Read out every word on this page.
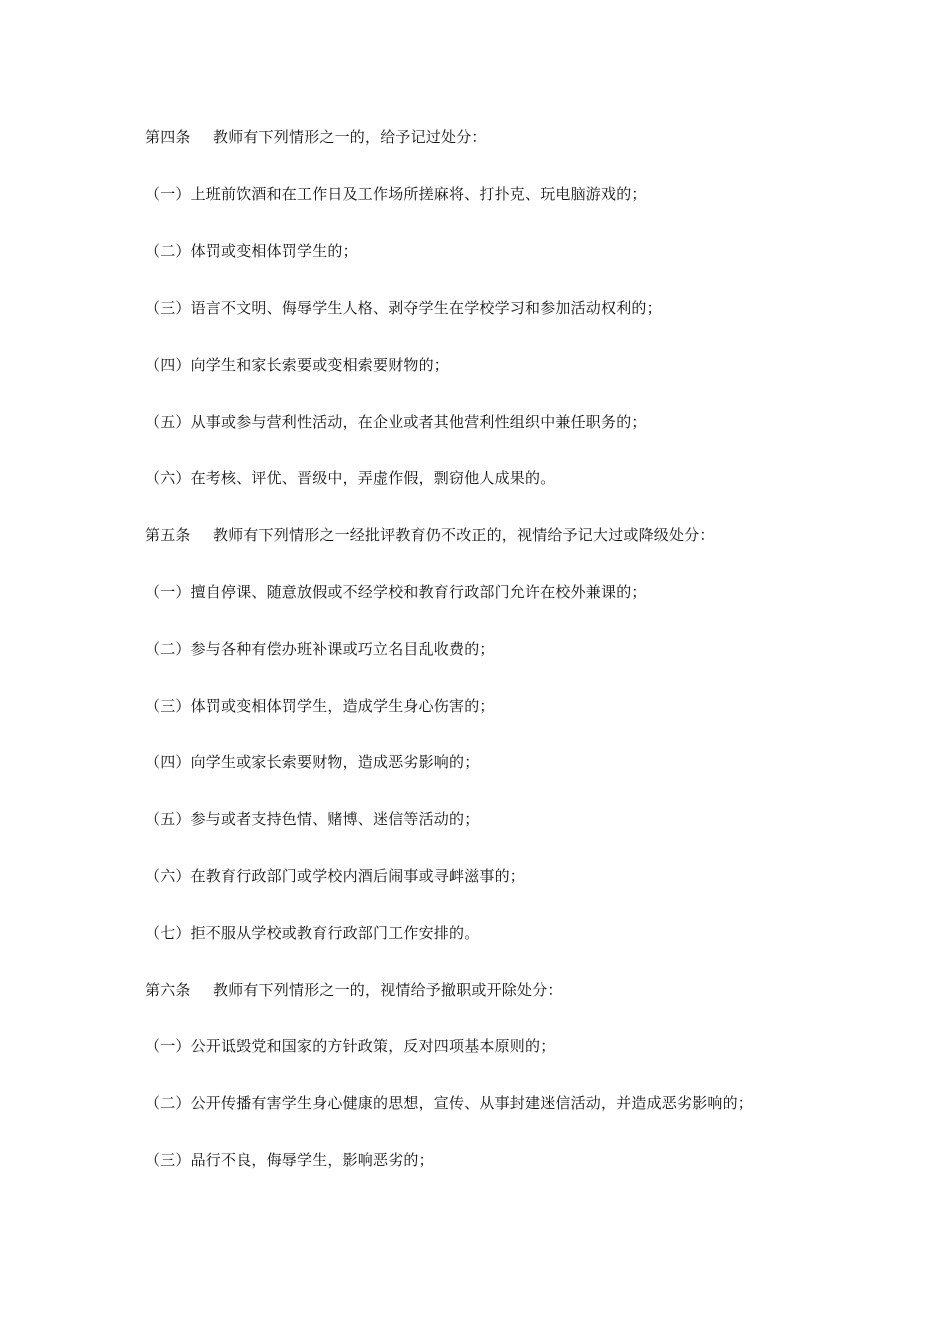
第四条 教师有下列情形之一的，给予记过处分：
（一）上班前饮酒和在工作日及工作场所搓麻将、打扑克、玩电脑游戏的；
（二）体罚或变相体罚学生的；
（三）语言不文明、侮辱学生人格、剥夺学生在学校学习和参加活动权利的；
（四）向学生和家长索要或变相索要财物的；
（五）从事或参与营利性活动，在企业或者其他营利性组织中兼任职务的；
（六）在考核、评优、晋级中，弄虚作假，剽窃他人成果的。
第五条 教师有下列情形之一经批评教育仍不改正的，视情给予记大过或降级处分：
（一）擅自停课、随意放假或不经学校和教育行政部门允许在校外兼课的；
（二）参与各种有偿办班补课或巧立名目乱收费的；
（三）体罚或变相体罚学生，造成学生身心伤害的；
（四）向学生或家长索要财物，造成恶劣影响的；
（五）参与或者支持色情、赌博、迷信等活动的；
（六）在教育行政部门或学校内酒后闹事或寻衅滋事的；
（七）拒不服从学校或教育行政部门工作安排的。
第六条 教师有下列情形之一的，视情给予撤职或开除处分：
（一）公开诋毁党和国家的方针政策，反对四项基本原则的；
（二）公开传播有害学生身心健康的思想，宣传、从事封建迷信活动，并造成恶劣影响的；
（三）品行不良，侮辱学生，影响恶劣的；
